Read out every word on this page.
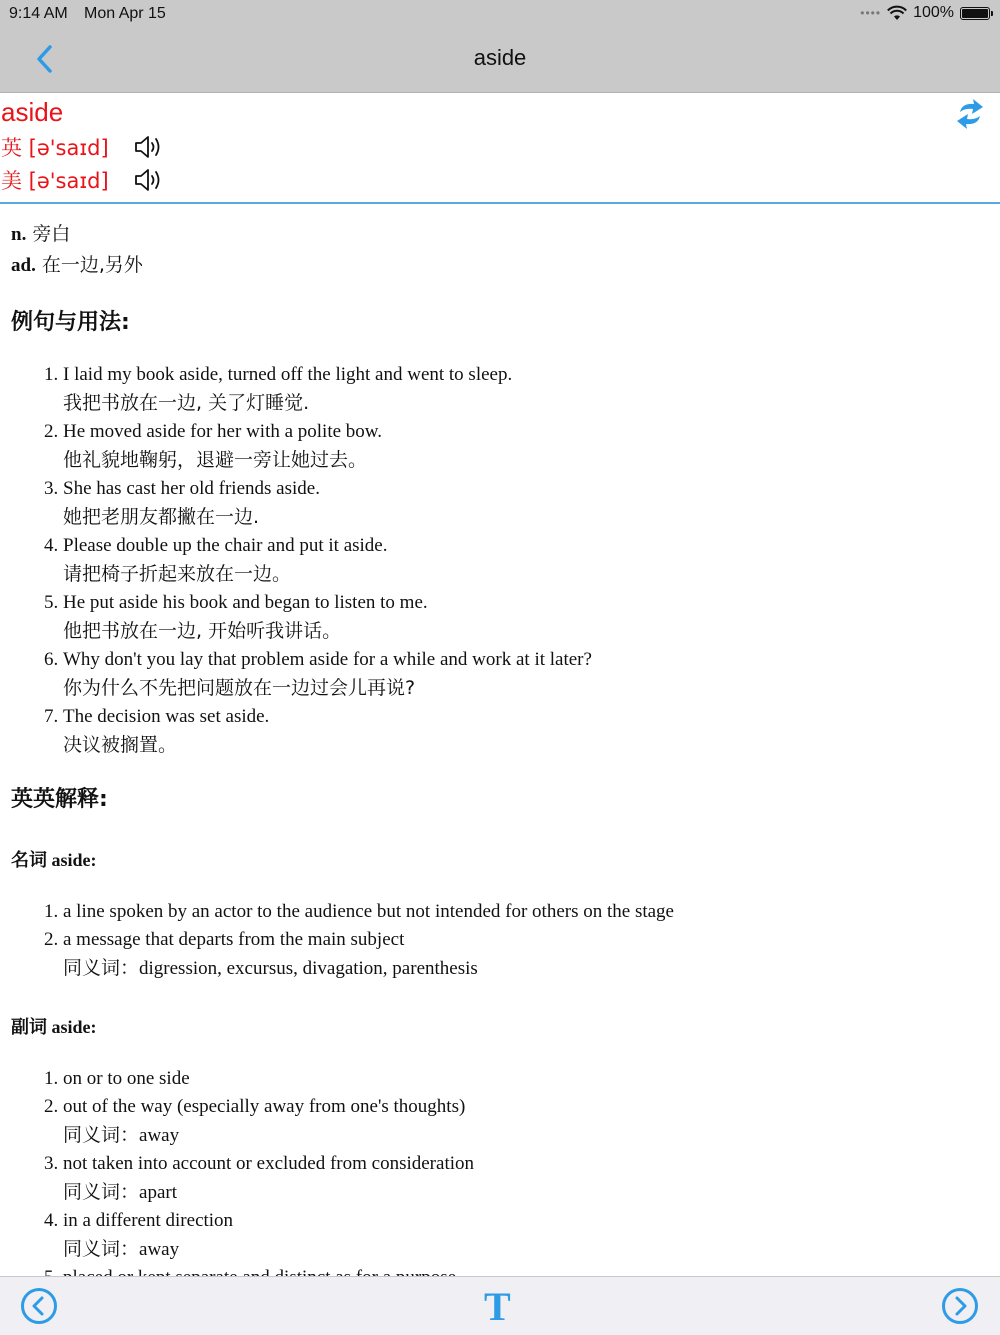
9:14 AM Mon Apr 15	•••• 100%
aside
aside
英 [ə'saɪd]
美 [ə'saɪd]
n. 旁白
ad. 在一边,另外
例句与用法:
1. I laid my book aside, turned off the light and went to sleep.
我把书放在一边, 关了灯睡觉.
2. He moved aside for her with a polite bow.
他礼貌地鞠躬，退避一旁让她过去。
3. She has cast her old friends aside.
她把老朋友都撇在一边.
4. Please double up the chair and put it aside.
请把椅子折起来放在一边。
5. He put aside his book and began to listen to me.
他把书放在一边, 开始听我讲话。
6. Why don't you lay that problem aside for a while and work at it later?
你为什么不先把问题放在一边过会儿再说?
7. The decision was set aside.
决议被搁置。
英英解释:
名词 aside:
1. a line spoken by an actor to the audience but not intended for others on the stage
2. a message that departs from the main subject
同义词：digression, excursus, divagation, parenthesis
副词 aside:
1. on or to one side
2. out of the way (especially away from one's thoughts)
同义词：away
3. not taken into account or excluded from consideration
同义词：apart
4. in a different direction
同义词：away
5.
T
